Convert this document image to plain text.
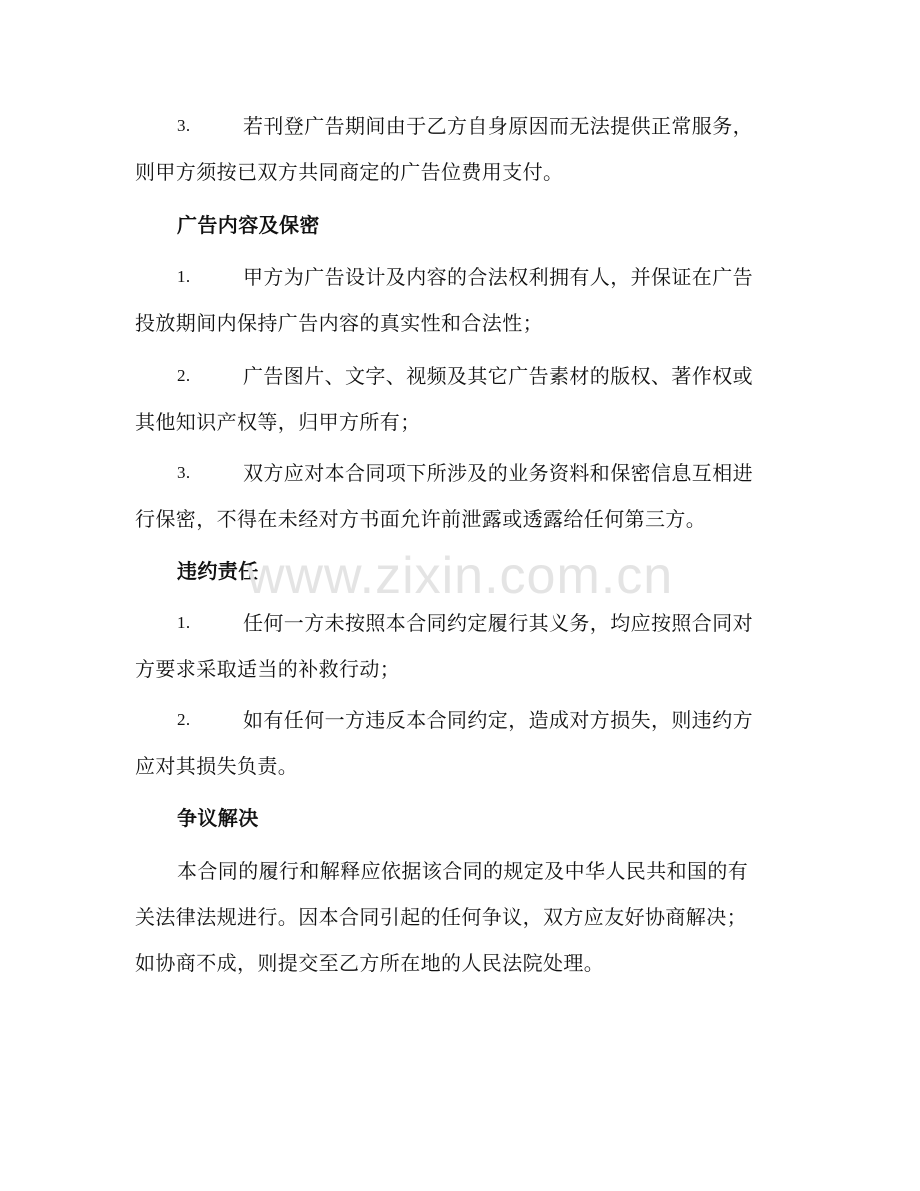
3.	若刊登广告期间由于乙方自身原因而无法提供正常服务，
则甲方须按已双方共同商定的广告位费用支付。
广告内容及保密
1.	甲方为广告设计及内容的合法权利拥有人，并保证在广告
投放期间内保持广告内容的真实性和合法性；
2.	广告图片、文字、视频及其它广告素材的版权、著作权或
其他知识产权等，归甲方所有；
3.	双方应对本合同项下所涉及的业务资料和保密信息互相进
行保密，不得在未经对方书面允许前泄露或透露给任何第三方。
违约责任
1.	任何一方未按照本合同约定履行其义务，均应按照合同对
方要求采取适当的补救行动；
2.	如有任何一方违反本合同约定，造成对方损失，则违约方
应对其损失负责。
争议解决
本合同的履行和解释应依据该合同的规定及中华人民共和国的有
关法律法规进行。因本合同引起的任何争议，双方应友好协商解决；
如协商不成，则提交至乙方所在地的人民法院处理。
www.zixin.com.cn
